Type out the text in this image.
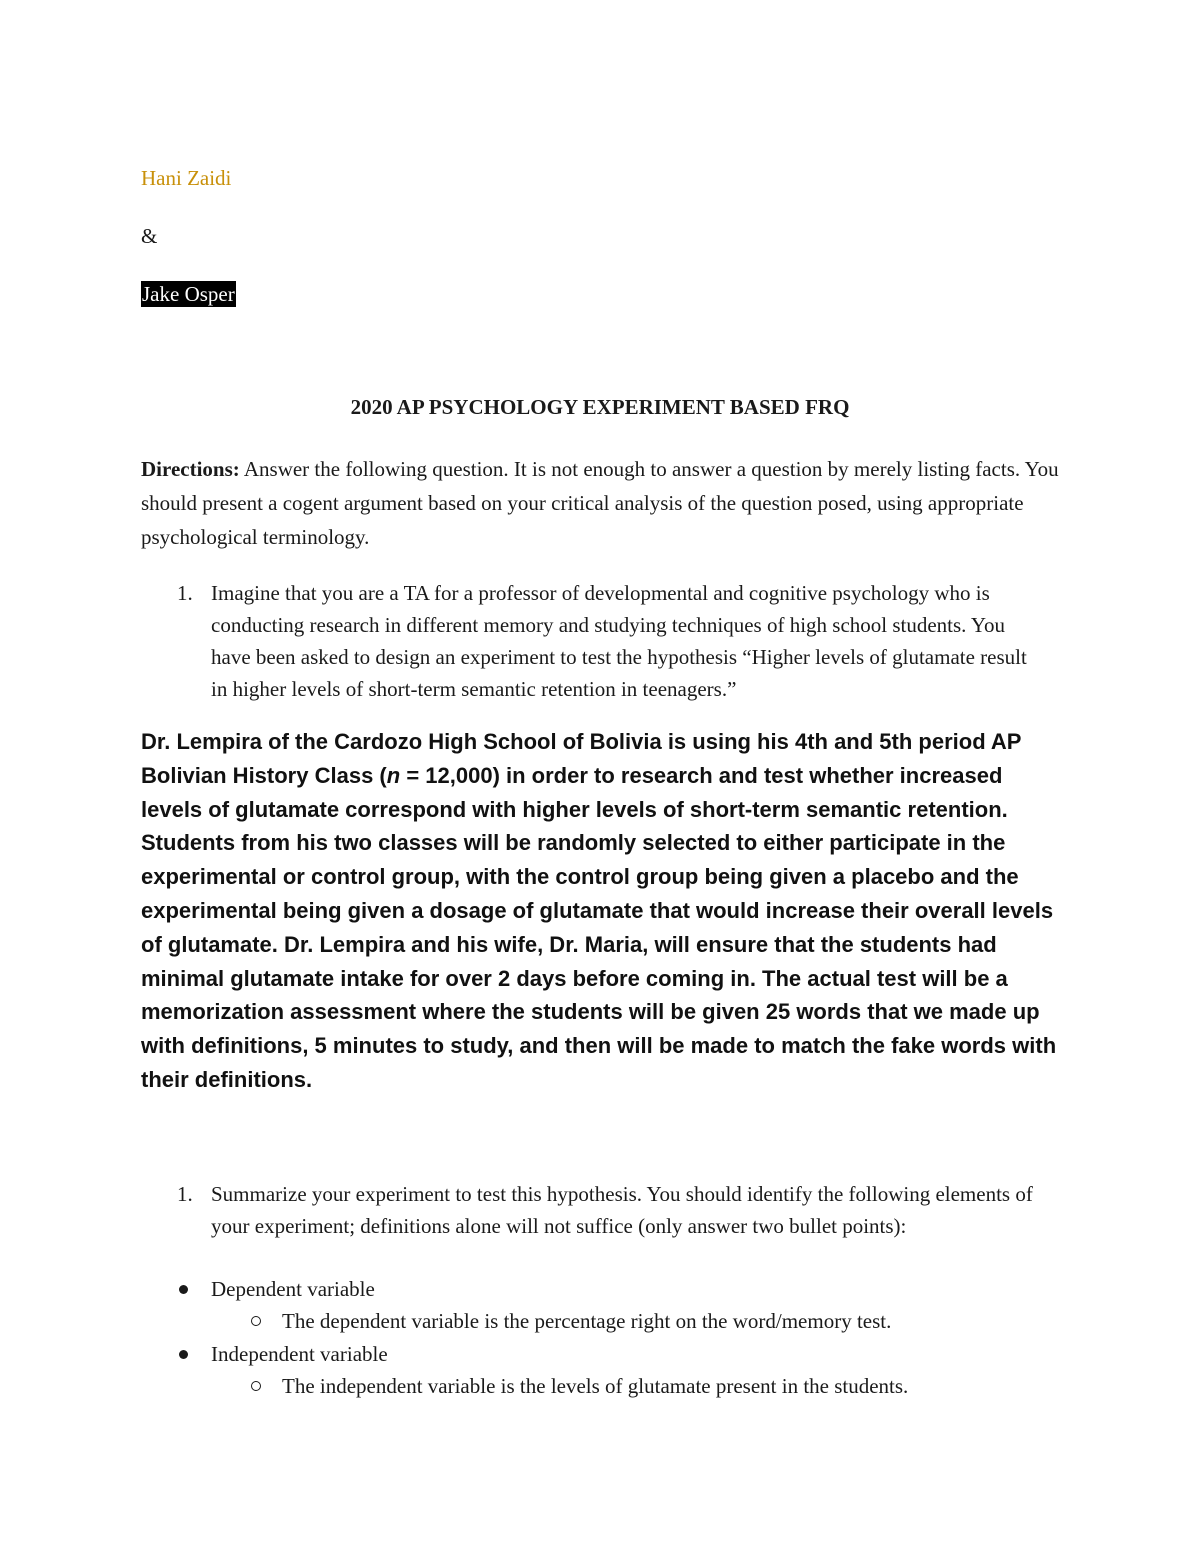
Hani Zaidi
&
Jake Osper
2020 AP PSYCHOLOGY EXPERIMENT BASED FRQ
Directions: Answer the following question. It is not enough to answer a question by merely listing facts. You should present a cogent argument based on your critical analysis of the question posed, using appropriate psychological terminology.
1. Imagine that you are a TA for a professor of developmental and cognitive psychology who is conducting research in different memory and studying techniques of high school students. You have been asked to design an experiment to test the hypothesis “Higher levels of glutamate result in higher levels of short-term semantic retention in teenagers.”
Dr. Lempira of the Cardozo High School of Bolivia is using his 4th and 5th period AP Bolivian History Class (n = 12,000) in order to research and test whether increased levels of glutamate correspond with higher levels of short-term semantic retention. Students from his two classes will be randomly selected to either participate in the experimental or control group, with the control group being given a placebo and the experimental being given a dosage of glutamate that would increase their overall levels of glutamate. Dr. Lempira and his wife, Dr. Maria, will ensure that the students had minimal glutamate intake for over 2 days before coming in. The actual test will be a memorization assessment where the students will be given 25 words that we made up with definitions, 5 minutes to study, and then will be made to match the fake words with their definitions.
1. Summarize your experiment to test this hypothesis. You should identify the following elements of your experiment; definitions alone will not suffice (only answer two bullet points):
Dependent variable
The dependent variable is the percentage right on the word/memory test.
Independent variable
The independent variable is the levels of glutamate present in the students.
